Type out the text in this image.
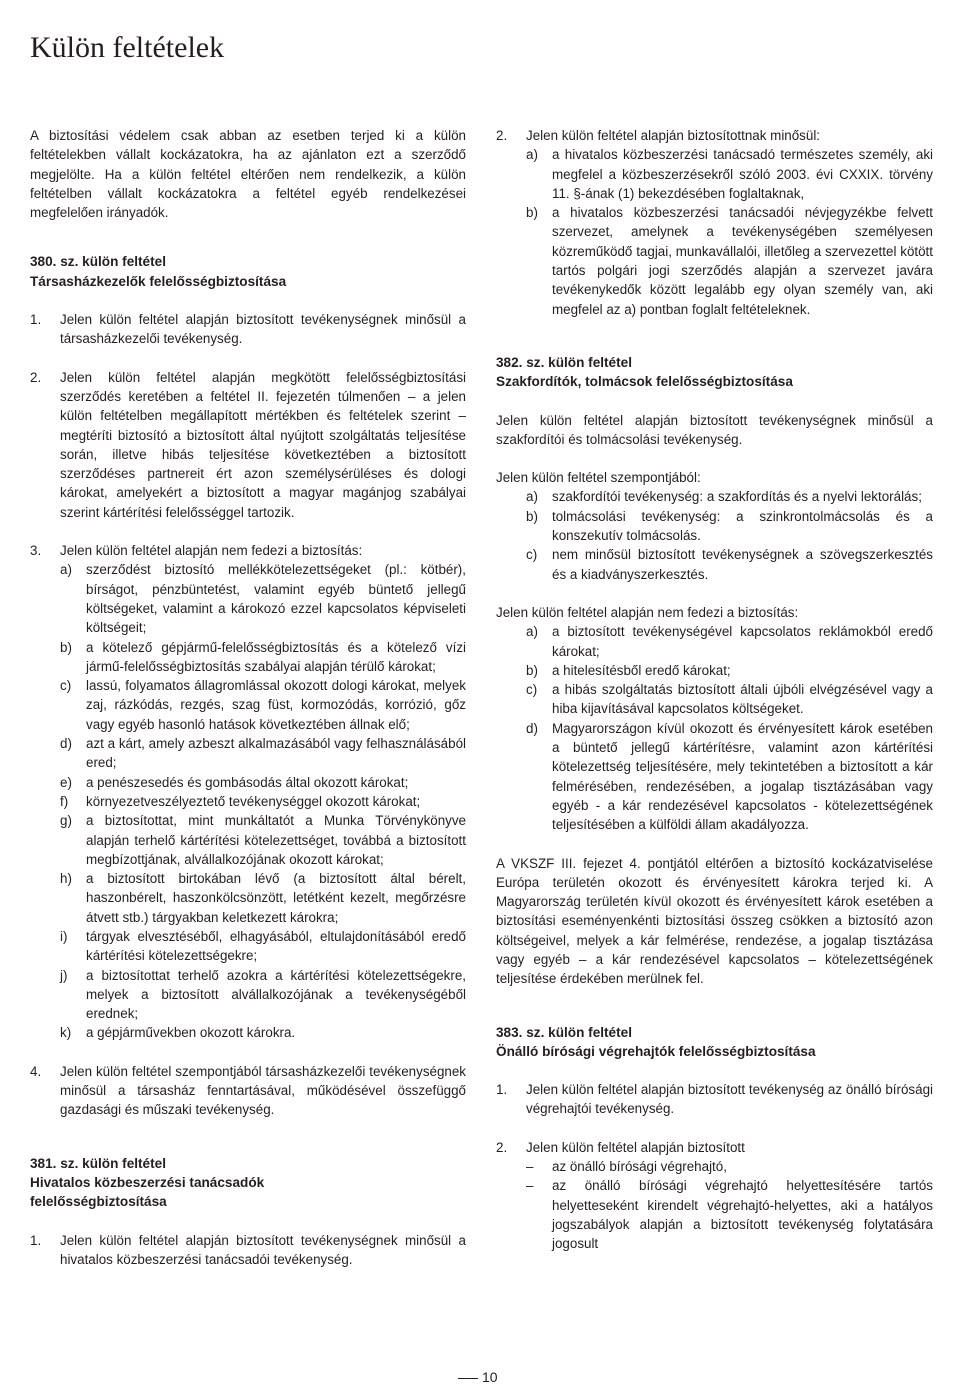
Külön feltételek

A biztosítási védelem csak abban az esetben terjed ki a külön feltételekben vállalt kockázatokra, ha az ajánlaton ezt a szerződő megjelölte. Ha a külön feltétel eltérően nem rendelkezik, a külön feltételben vállalt kockázatokra a feltétel egyéb rendelkezései megfelelően irányadók.

380. sz. külön feltétel
Társasházkezelők felelősségbiztosítása
1.	Jelen külön feltétel alapján biztosított tevékenységnek minősül a társasházkezelői tevékenység.
2.	Jelen külön feltétel alapján megkötött felelősségbiztosítási szerződés keretében a feltétel II. fejezetén túlmenően – a jelen külön feltételben megállapított mértékben és feltételek szerint – megtéríti biztosító a biztosított által nyújtott szolgáltatás teljesítése során, illetve hibás teljesítése következtében a biztosított szerződéses partnereit ért azon személysérüléses és dologi károkat, amelyekért a biztosított a magyar magánjog szabályai szerint kártérítési felelősséggel tartozik.
3.	Jelen külön feltétel alapján nem fedezi a biztosítás:
a)	szerződést biztosító mellékkötelezettségeket (pl.: kötbér), bírságot, pénzbüntetést, valamint egyéb büntető jellegű költségeket, valamint a károkozó ezzel kapcsolatos képviseleti költségeit;
b)	a kötelező gépjármű-felelősségbiztosítás és a kötelező vízi jármű-felelősségbiztosítás szabályai alapján térülő károkat;
c)	lassú, folyamatos állagromlással okozott dologi károkat, melyek zaj, rázkódás, rezgés, szag füst, kormozódás, korrózió, gőz vagy egyéb hasonló hatások következtében állnak elő;
d)	azt a kárt, amely azbeszt alkalmazásából vagy felhasználásából ered;
e)	a penészesedés és gombásodás által okozott károkat;
f)	környezetveszélyeztető tevékenységgel okozott károkat;
g)	a biztosítottat, mint munkáltatót a Munka Törvénykönyve alapján terhelő kártérítési kötelezettséget, továbbá a biztosított megbízottjának, alvállalkozójának okozott károkat;
h)	a biztosított birtokában lévő (a biztosított által bérelt, haszonbérelt, haszonkölcsönzött, letétként kezelt, megőrzésre átvett stb.) tárgyakban keletkezett károkra;
i)	tárgyak elvesztéséből, elhagyásából, eltulajdonításából eredő kártérítési kötelezettségekre;
j)	a biztosítottat terhelő azokra a kártérítési kötelezettségekre, melyek a biztosított alvállalkozójának a tevékenységéből erednek;
k)	a gépjárművekben okozott károkra.
4.	Jelen külön feltétel szempontjából társasházkezelői tevékenységnek minősül a társasház fenntartásával, működésével összefüggő gazdasági és műszaki tevékenység.
381. sz. külön feltétel
Hivatalos közbeszerzési tanácsadók
felelősségbiztosítása
1.	Jelen külön feltétel alapján biztosított tevékenységnek minősül a hivatalos közbeszerzési tanácsadói tevékenység.
2.	Jelen külön feltétel alapján biztosítottnak minősül:
a)	a hivatalos közbeszerzési tanácsadó természetes személy, aki megfelel a közbeszerzésekről szóló 2003. évi CXXIX. törvény 11. §-ának (1) bekezdésében foglaltaknak,
b)	a hivatalos közbeszerzési tanácsadói névjegyzékbe felvett szervezet, amelynek a tevékenységében személyesen közreműködő tagjai, munkavállalói, illetőleg a szervezettel kötött tartós polgári jogi szerződés alapján a szervezet javára tevékenykedők között legalább egy olyan személy van, aki megfelel az a) pontban foglalt feltételeknek.
382. sz. külön feltétel
Szakfordítók, tolmácsok felelősségbiztosítása

Jelen külön feltétel alapján biztosított tevékenységnek minősül a szakfordítói és tolmácsolási tevékenység.

Jelen külön feltétel szempontjából:

a)	szakfordítói tevékenység: a szakfordítás és a nyelvi lektorálás;
b)	tolmácsolási tevékenység: a szinkrontolmácsolás és a konszekutív tolmácsolás.
c)	nem minősül biztosított tevékenységnek a szövegszerkesztés és a kiadványszerkesztés.

Jelen külön feltétel alapján nem fedezi a biztosítás:

a)	a biztosított tevékenységével kapcsolatos reklámokból eredő károkat;
b)	a hitelesítésből eredő károkat;
c)	a hibás szolgáltatás biztosított általi újbóli elvégzésével vagy a hiba kijavításával kapcsolatos költségeket.
d)	Magyarországon kívül okozott és érvényesített károk esetében a büntető jellegű kártérítésre, valamint azon kártérítési kötelezettség teljesítésére, mely tekintetében a biztosított a kár felmérésében, rendezésében, a jogalap tisztázásában vagy egyéb - a kár rendezésével kapcsolatos - kötelezettségének teljesítésében a külföldi állam akadályozza.

A VKSZF III. fejezet 4. pontjától eltérően a biztosító kockázatviselése Európa területén okozott és érvényesített károkra terjed ki. A Magyarország területén kívül okozott és érvényesített károk esetében a biztosítási eseményenkénti biztosítási összeg csökken a biztosító azon költségeivel, melyek a kár felmérése, rendezése, a jogalap tisztázása vagy egyéb – a kár rendezésével kapcsolatos – kötelezettségének teljesítése érdekében merülnek fel.

383. sz. külön feltétel
Önálló bírósági végrehajtók felelősségbiztosítása
1.	Jelen külön feltétel alapján biztosított tevékenység az önálló bírósági végrehajtói tevékenység.
2.	Jelen külön feltétel alapján biztosított
–	az önálló bírósági végrehajtó,
–	az önálló bírósági végrehajtó helyettesítésére tartós helyetteseként kirendelt végrehajtó-helyettes, aki a hatályos jogszabályok alapján a biztosított tevékenység folytatására jogosult
10
